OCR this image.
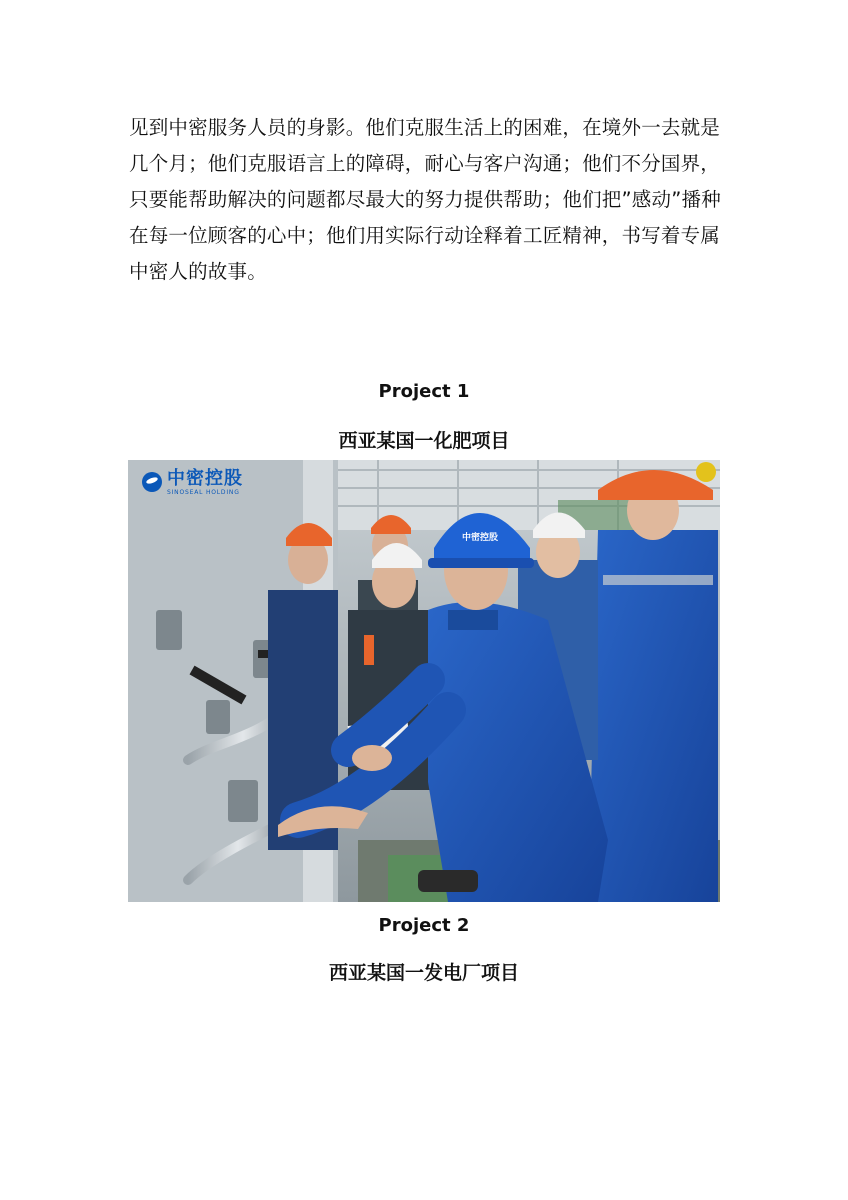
见到中密服务人员的身影。他们克服生活上的困难，在境外一去就是
几个月；他们克服语言上的障碍，耐心与客户沟通；他们不分国界，
只要能帮助解决的问题都尽最大的努力提供帮助；他们把”感动”播种
在每一位顾客的心中；他们用实际行动诠释着工匠精神，书写着专属
中密人的故事。
Project 1
西亚某国一化肥项目
中密控股
中密控股
SINOSEAL HOLDING
Project 2
西亚某国一发电厂项目
